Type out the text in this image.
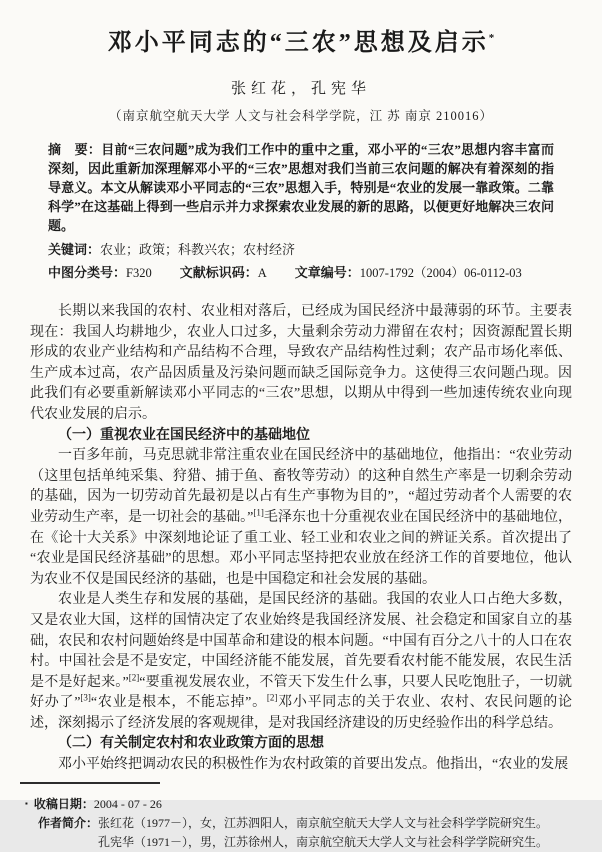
邓小平同志的“三农”思想及启示*
张红花，孔宪华
（南京航空航天大学 人文与社会科学学院，江 苏 南京 210016）

摘　要：目前“三农问题”成为我们工作中的重中之重，邓小平的“三农”思想内容丰富而深刻，因此重新加深理解邓小平的“三农”思想对我们当前三农问题的解决有着深刻的指导意义。本文从解读邓小平同志的“三农”思想入手，特别是“农业的发展一靠政策。二靠科学”在这基础上得到一些启示并力求探索农业发展的新的思路，以便更好地解决三农问题。

关键词：农业；政策；科教兴农；农村经济

中图分类号：F320 文献标识码：A 文章编号：1007-1792（2004）06-0112-03

长期以来我国的农村、农业相对落后，已经成为国民经济中最薄弱的环节。主要表现在：我国人均耕地少，农业人口过多，大量剩余劳动力滞留在农村；因资源配置长期形成的农业产业结构和产品结构不合理，导致农产品结构性过剩；农产品市场化率低、生产成本过高，农产品因质量及污染问题而缺乏国际竞争力。这使得三农问题凸现。因此我们有必要重新解读邓小平同志的“三农”思想，以期从中得到一些加速传统农业向现代农业发展的启示。

（一）重视农业在国民经济中的基础地位

一百多年前，马克思就非常注重农业在国民经济中的基础地位，他指出：“农业劳动（这里包括单纯采集、狩猎、捕于鱼、畜牧等劳动）的这种自然生产率是一切剩余劳动的基础，因为一切劳动首先最初是以占有生产事物为目的”，“超过劳动者个人需要的农业劳动生产率，是一切社会的基础。”[1]毛泽东也十分重视农业在国民经济中的基础地位，在《论十大关系》中深刻地论证了重工业、轻工业和农业之间的辨证关系。首次提出了“农业是国民经济基础”的思想。邓小平同志坚持把农业放在经济工作的首要地位，他认为农业不仅是国民经济的基础，也是中国稳定和社会发展的基础。

农业是人类生存和发展的基础，是国民经济的基础。我国的农业人口占绝大多数，又是农业大国，这样的国情决定了农业始终是我国经济发展、社会稳定和国家自立的基础，农民和农村问题始终是中国革命和建设的根本问题。“中国有百分之八十的人口在农村。中国社会是不是安定，中国经济能不能发展，首先要看农村能不能发展，农民生活是不是好起来。”[2]“要重视发展农业，不管天下发生什么事，只要人民吃饱肚子，一切就好办了”[3]“农业是根本，不能忘掉”。[2]邓小平同志的关于农业、农村、农民问题的论述，深刻揭示了经济发展的客观规律，是对我国经济建设的历史经验作出的科学总结。

（二）有关制定农村和农业政策方面的思想

邓小平始终把调动农民的积极性作为农村政策的首要出发点。他指出，“农业的发展

▪ 收稿日期：2004 - 07 - 26

作者简介：张红花（1977－），女，江苏泗阳人，南京航空航天大学人文与社会科学学院研究生。

孔宪华（1971－），男，江苏徐州人，南京航空航天大学人文与社会科学学院研究生。
